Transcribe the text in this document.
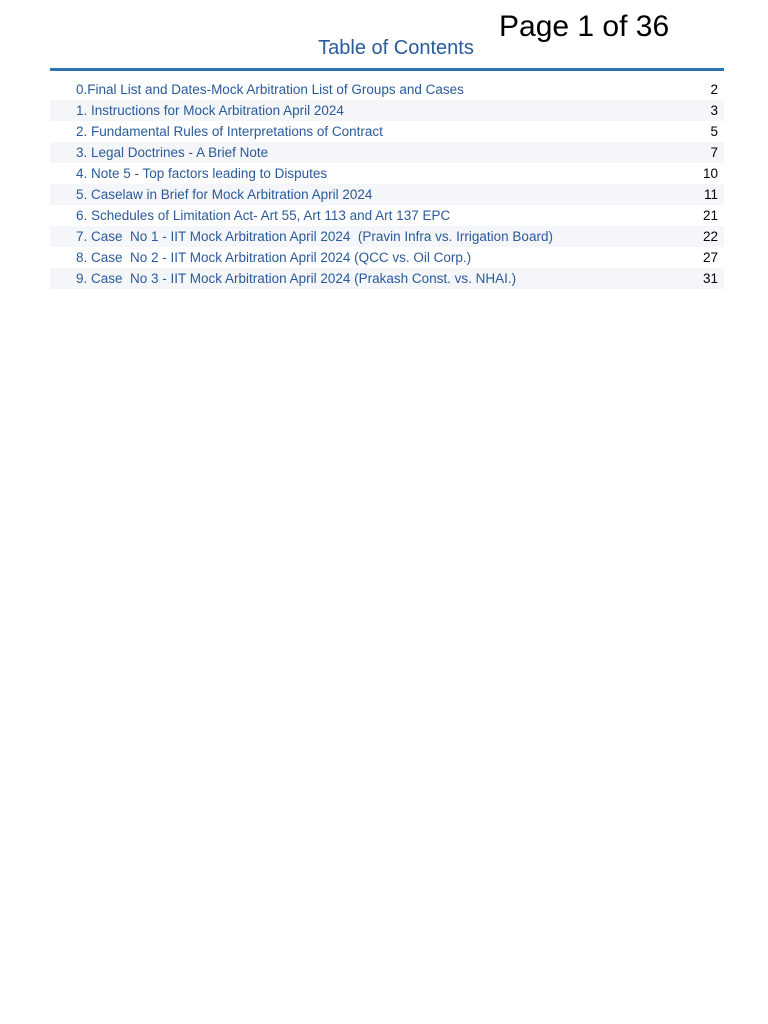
Page 1 of 36
Table of Contents
0.Final List and Dates-Mock Arbitration List of Groups and Cases	2
1. Instructions for Mock Arbitration April 2024	3
2. Fundamental Rules of Interpretations of Contract	5
3. Legal Doctrines - A Brief Note	7
4. Note 5 - Top factors leading to Disputes	10
5. Caselaw in Brief for Mock Arbitration April 2024	11
6. Schedules of Limitation Act- Art 55, Art 113 and Art 137 EPC	21
7. Case  No 1 - IIT Mock Arbitration April 2024  (Pravin Infra vs. Irrigation Board)	22
8. Case  No 2 - IIT Mock Arbitration April 2024 (QCC vs. Oil Corp.)	27
9. Case  No 3 - IIT Mock Arbitration April 2024 (Prakash Const. vs. NHAI.)	31
